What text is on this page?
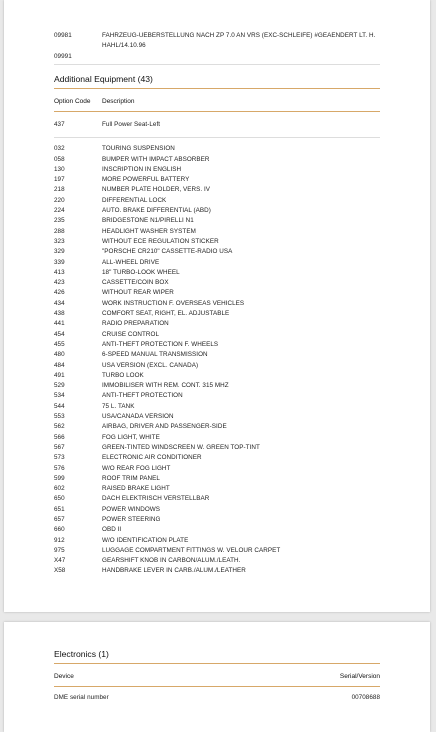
09981	FAHRZEUG-UEBERSTELLUNG NACH ZP 7.0 AN VRS (EXC-SCHLEIFE) #GEAENDERT LT. H. HAHL/14.10.96
09991
Additional Equipment (43)
Option Code	Description
437	Full Power Seat-Left
032	TOURING SUSPENSION
058	BUMPER WITH IMPACT ABSORBER
130	INSCRIPTION IN ENGLISH
197	MORE POWERFUL BATTERY
218	NUMBER PLATE HOLDER, VERS. IV
220	DIFFERENTIAL LOCK
224	AUTO. BRAKE DIFFERENTIAL (ABD)
235	BRIDGESTONE N1/PIRELLI N1
288	HEADLIGHT WASHER SYSTEM
323	WITHOUT ECE REGULATION STICKER
329	"PORSCHE CR210" CASSETTE-RADIO USA
339	ALL-WHEEL DRIVE
413	18" TURBO-LOOK WHEEL
423	CASSETTE/COIN BOX
426	WITHOUT REAR WIPER
434	WORK INSTRUCTION F. OVERSEAS VEHICLES
438	COMFORT SEAT, RIGHT, EL. ADJUSTABLE
441	RADIO PREPARATION
454	CRUISE CONTROL
455	ANTI-THEFT PROTECTION F. WHEELS
480	6-SPEED MANUAL TRANSMISSION
484	USA VERSION (EXCL. CANADA)
491	TURBO LOOK
529	IMMOBILISER WITH REM. CONT. 315 MHZ
534	ANTI-THEFT PROTECTION
544	75 L. TANK
553	USA/CANADA VERSION
562	AIRBAG, DRIVER AND PASSENGER-SIDE
566	FOG LIGHT, WHITE
567	GREEN-TINTED WINDSCREEN W. GREEN TOP-TINT
573	ELECTRONIC AIR CONDITIONER
576	W/O REAR FOG LIGHT
599	ROOF TRIM PANEL
602	RAISED BRAKE LIGHT
650	DACH ELEKTRISCH VERSTELLBAR
651	POWER WINDOWS
657	POWER STEERING
660	OBD II
912	W/O IDENTIFICATION PLATE
975	LUGGAGE COMPARTMENT FITTINGS W. VELOUR CARPET
X47	GEARSHIFT KNOB IN CARBON/ALUM./LEATH.
X58	HANDBRAKE LEVER IN CARB./ALUM./LEATHER
Electronics (1)
Device	Serial/Version
DME serial number	00708688
